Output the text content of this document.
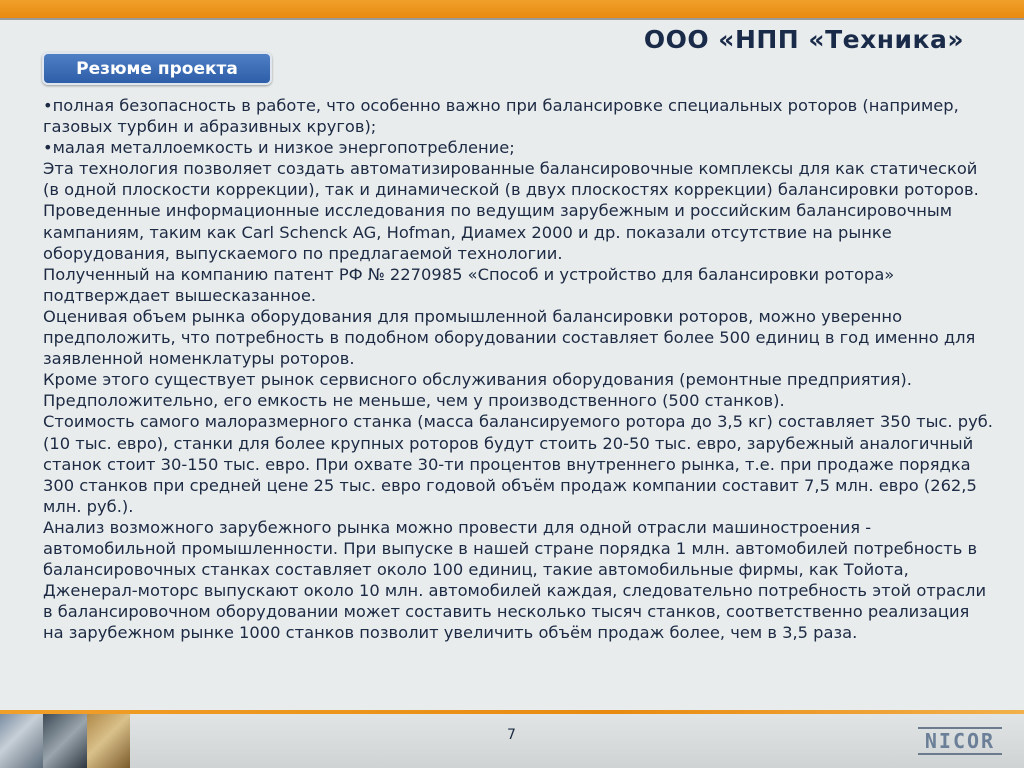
ООО «НПП «Техника»
Резюме проекта
•полная безопасность в работе, что особенно важно при балансировке специальных роторов (например, газовых турбин и абразивных кругов);
•малая металлоемкость и низкое энергопотребление;
Эта технология позволяет создать автоматизированные балансировочные комплексы для как статической (в одной плоскости коррекции), так и динамической (в двух плоскостях коррекции) балансировки роторов.
Проведенные информационные исследования по ведущим зарубежным и российским балансировочным кампаниям, таким как Carl Schenck AG, Hofman, Диамех 2000 и др. показали отсутствие на рынке оборудования, выпускаемого по предлагаемой технологии.
Полученный на компанию патент РФ № 2270985 «Способ и устройство для балансировки ротора» подтверждает вышесказанное.
Оценивая объем рынка оборудования для промышленной балансировки роторов, можно уверенно предположить, что потребность в подобном оборудовании составляет более 500 единиц в год именно для заявленной номенклатуры роторов.
Кроме этого существует рынок сервисного обслуживания оборудования (ремонтные предприятия). Предположительно, его емкость не меньше, чем у производственного (500 станков).
Стоимость самого малоразмерного станка (масса балансируемого ротора до 3,5 кг) составляет 350 тыс. руб. (10 тыс. евро), станки для более крупных роторов будут стоить 20-50 тыс. евро, зарубежный аналогичный станок стоит 30-150 тыс. евро. При охвате 30-ти процентов внутреннего рынка, т.е. при продаже порядка 300 станков при средней цене 25 тыс. евро годовой объём продаж компании составит 7,5 млн. евро (262,5 млн. руб.).
Анализ возможного зарубежного рынка можно провести для одной отрасли машиностроения - автомобильной промышленности. При выпуске в нашей стране порядка 1 млн. автомобилей потребность в балансировочных станках составляет около 100 единиц, такие автомобильные фирмы, как Тойота, Дженерал-моторс выпускают около 10 млн. автомобилей каждая, следовательно потребность этой отрасли в балансировочном оборудовании может составить несколько тысяч станков, соответственно реализация на зарубежном рынке 1000 станков позволит увеличить объём продаж более, чем в 3,5 раза.
7	NICOR
